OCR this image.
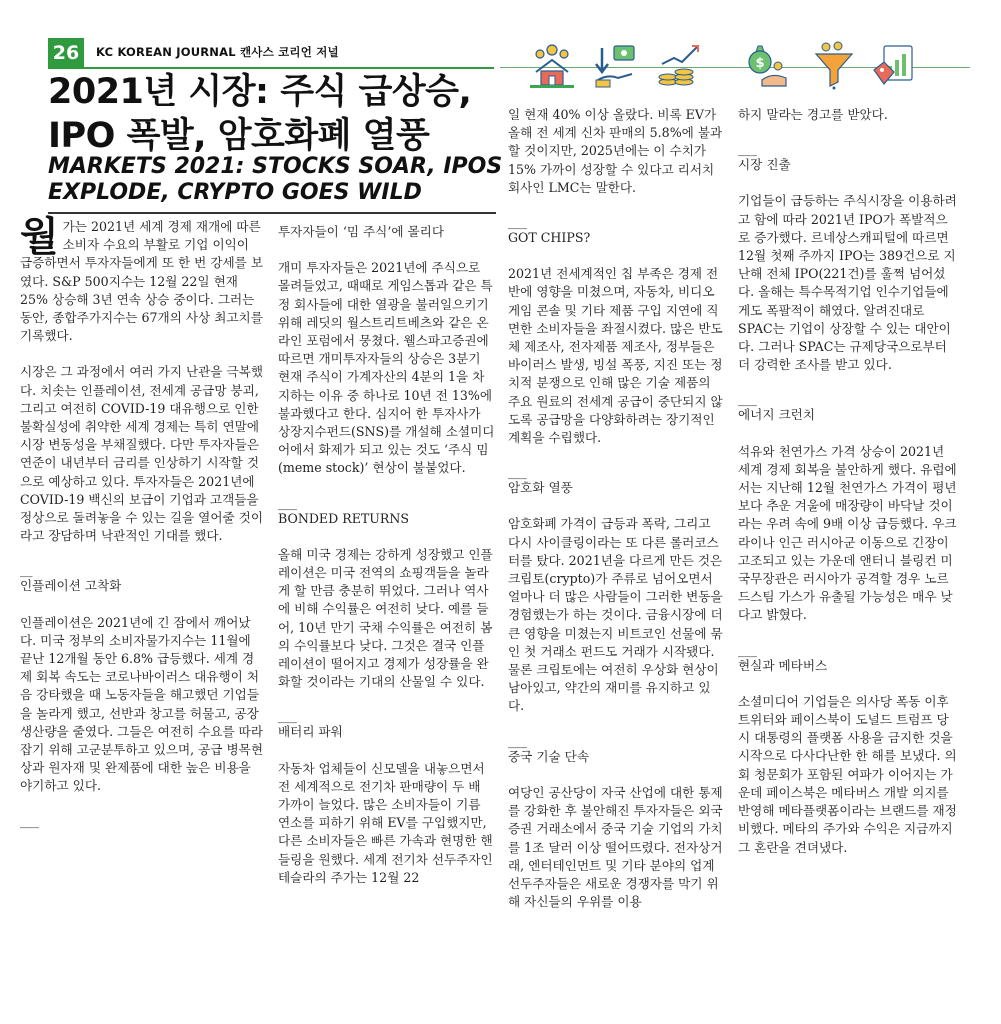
26	KC KOREAN JOURNAL 캔사스 코리언 저널
2021년 시장: 주식 급상승,
IPO 폭발, 암호화폐 열풍
MARKETS 2021: STOCKS SOAR, IPOS
EXPLODE, CRYPTO GOES WILD
$

월가는 2021년 세계 경제 재개에 따른 소비자 수요의 부활로 기업 이익이 급증하면서 투자자들에게 또 한 번 강세를 보였다. S&P 500지수는 12월 22일 현재 25% 상승해 3년 연속 상승 중이다. 그러는 동안, 종합주가지수는 67개의 사상 최고치를 기록했다.

시장은 그 과정에서 여러 가지 난관을 극복했다. 치솟는 인플레이션, 전세계 공급망 붕괴, 그리고 여전히 COVID-19 대유행으로 인한 불확실성에 취약한 세계 경제는 특히 연말에 시장 변동성을 부채질했다. 다만 투자자들은 연준이 내년부터 금리를 인상하기 시작할 것으로 예상하고 있다. 투자자들은 2021년에 COVID-19 백신의 보급이 기업과 고객들을 정상으로 돌려놓을 수 있는 길을 열어줄 것이라고 장담하며 낙관적인 기대를 했다.

__

인플레이션 고착화

인플레이션은 2021년에 긴 잠에서 깨어났다. 미국 정부의 소비자물가지수는 11월에 끝난 12개월 동안 6.8% 급등했다. 세계 경제 회복 속도는 코로나바이러스 대유행이 처음 강타했을 때 노동자들을 해고했던 기업들을 놀라게 했고, 선반과 창고를 허물고, 공장 생산량을 줄였다. 그들은 여전히 수요를 따라잡기 위해 고군분투하고 있으며, 공급 병목현상과 원자재 및 완제품에 대한 높은 비용을 야기하고 있다.

___

투자자들이 ‘밈 주식’에 몰리다

개미 투자자들은 2021년에 주식으로 몰려들었고, 때때로 게임스톱과 같은 특정 회사들에 대한 열광을 불러일으키기 위해 레딧의 월스트리트베츠와 같은 온라인 포럼에서 뭉쳤다. 웰스파고증권에 따르면 개미투자자들의 상승은 3분기 현재 주식이 가계자산의 4분의 1을 차지하는 이유 중 하나로 10년 전 13%에 불과했다고 한다. 심지어 한 투자사가 상장지수펀드(SNS)를 개설해 소셜미디어에서 화제가 되고 있는 것도 ‘주식 밈(meme stock)’ 현상이 불붙었다.

___

BONDED RETURNS

올해 미국 경제는 강하게 성장했고 인플레이션은 미국 전역의 쇼핑객들을 놀라게 할 만큼 충분히 뛰었다. 그러나 역사에 비해 수익률은 여전히 낮다. 예를 들어, 10년 만기 국채 수익률은 여전히 봄의 수익률보다 낮다. 그것은 결국 인플레이션이 떨어지고 경제가 성장률을 완화할 것이라는 기대의 산물일 수 있다.

___

배터리 파워

자동차 업체들이 신모델을 내놓으면서 전 세계적으로 전기차 판매량이 두 배 가까이 늘었다. 많은 소비자들이 기름 연소를 피하기 위해 EV를 구입했지만, 다른 소비자들은 빠른 가속과 현명한 핸들링을 원했다. 세계 전기차 선두주자인 테슬라의 주가는 12월 22

일 현재 40% 이상 올랐다. 비록 EV가 올해 전 세계 신차 판매의 5.8%에 불과할 것이지만, 2025년에는 이 수치가 15% 가까이 성장할 수 있다고 리서치 회사인 LMC는 말한다.

___

GOT CHIPS?

2021년 전세계적인 칩 부족은 경제 전반에 영향을 미쳤으며, 자동차, 비디오 게임 콘솔 및 기타 제품 구입 지연에 직면한 소비자들을 좌절시켰다. 많은 반도체 제조사, 전자제품 제조사, 정부들은 바이러스 발생, 빙설 폭풍, 지진 또는 정치적 분쟁으로 인해 많은 기술 제품의 주요 원료의 전세계 공급이 중단되지 않도록 공급망을 다양화하려는 장기적인 계획을 수립했다.

___

암호화 열풍

암호화폐 가격이 급등과 폭락, 그리고 다시 사이클링이라는 또 다른 롤러코스터를 탔다. 2021년을 다르게 만든 것은 크립토(crypto)가 주류로 넘어오면서 얼마나 더 많은 사람들이 그러한 변동을 경험했는가 하는 것이다. 금융시장에 더 큰 영향을 미쳤는지 비트코인 선물에 묶인 첫 거래소 펀드도 거래가 시작됐다. 물론 크립토에는 여전히 우상화 현상이 남아있고, 약간의 재미를 유지하고 있다.

___

중국 기술 단속

여당인 공산당이 자국 산업에 대한 통제를 강화한 후 불안해진 투자자들은 외국 증권 거래소에서 중국 기술 기업의 가치를 1조 달러 이상 떨어뜨렸다. 전자상거래, 엔터테인먼트 및 기타 분야의 업계 선두주자들은 새로운 경쟁자를 막기 위해 자신들의 우위를 이용

하지 말라는 경고를 받았다.

___

시장 진출

기업들이 급등하는 주식시장을 이용하려고 함에 따라 2021년 IPO가 폭발적으로 증가했다. 르네상스캐피털에 따르면 12월 첫째 주까지 IPO는 389건으로 지난해 전체 IPO(221건)를 훌쩍 넘어섰다. 올해는 특수목적기업 인수기업들에게도 폭팔적이 해였다. 알려진대로 SPAC는 기업이 상장할 수 있는 대안이다. 그러나 SPAC는 규제당국으로부터 더 강력한 조사를 받고 있다.

___

에너지 크런치

석유와 천연가스 가격 상승이 2021년 세계 경제 회복을 불안하게 했다. 유럽에서는 지난해 12월 천연가스 가격이 평년보다 추운 겨울에 매장량이 바닥날 것이라는 우려 속에 9배 이상 급등했다. 우크라이나 인근 러시아군 이동으로 긴장이 고조되고 있는 가운데 앤터니 블링컨 미 국무장관은 러시아가 공격할 경우 노르드스팀 가스가 유출될 가능성은 매우 낮다고 밝혔다.

___

현실과 메타버스

소셜미디어 기업들은 의사당 폭동 이후 트위터와 페이스북이 도널드 트럼프 당시 대통령의 플랫폼 사용을 금지한 것을 시작으로 다사다난한 한 해를 보냈다. 의회 청문회가 포함된 여파가 이어지는 가운데 페이스북은 메타버스 개발 의지를 반영해 메타플랫폼이라는 브랜드를 재정비했다. 메타의 주가와 수익은 지금까지 그 혼란을 견뎌냈다.
